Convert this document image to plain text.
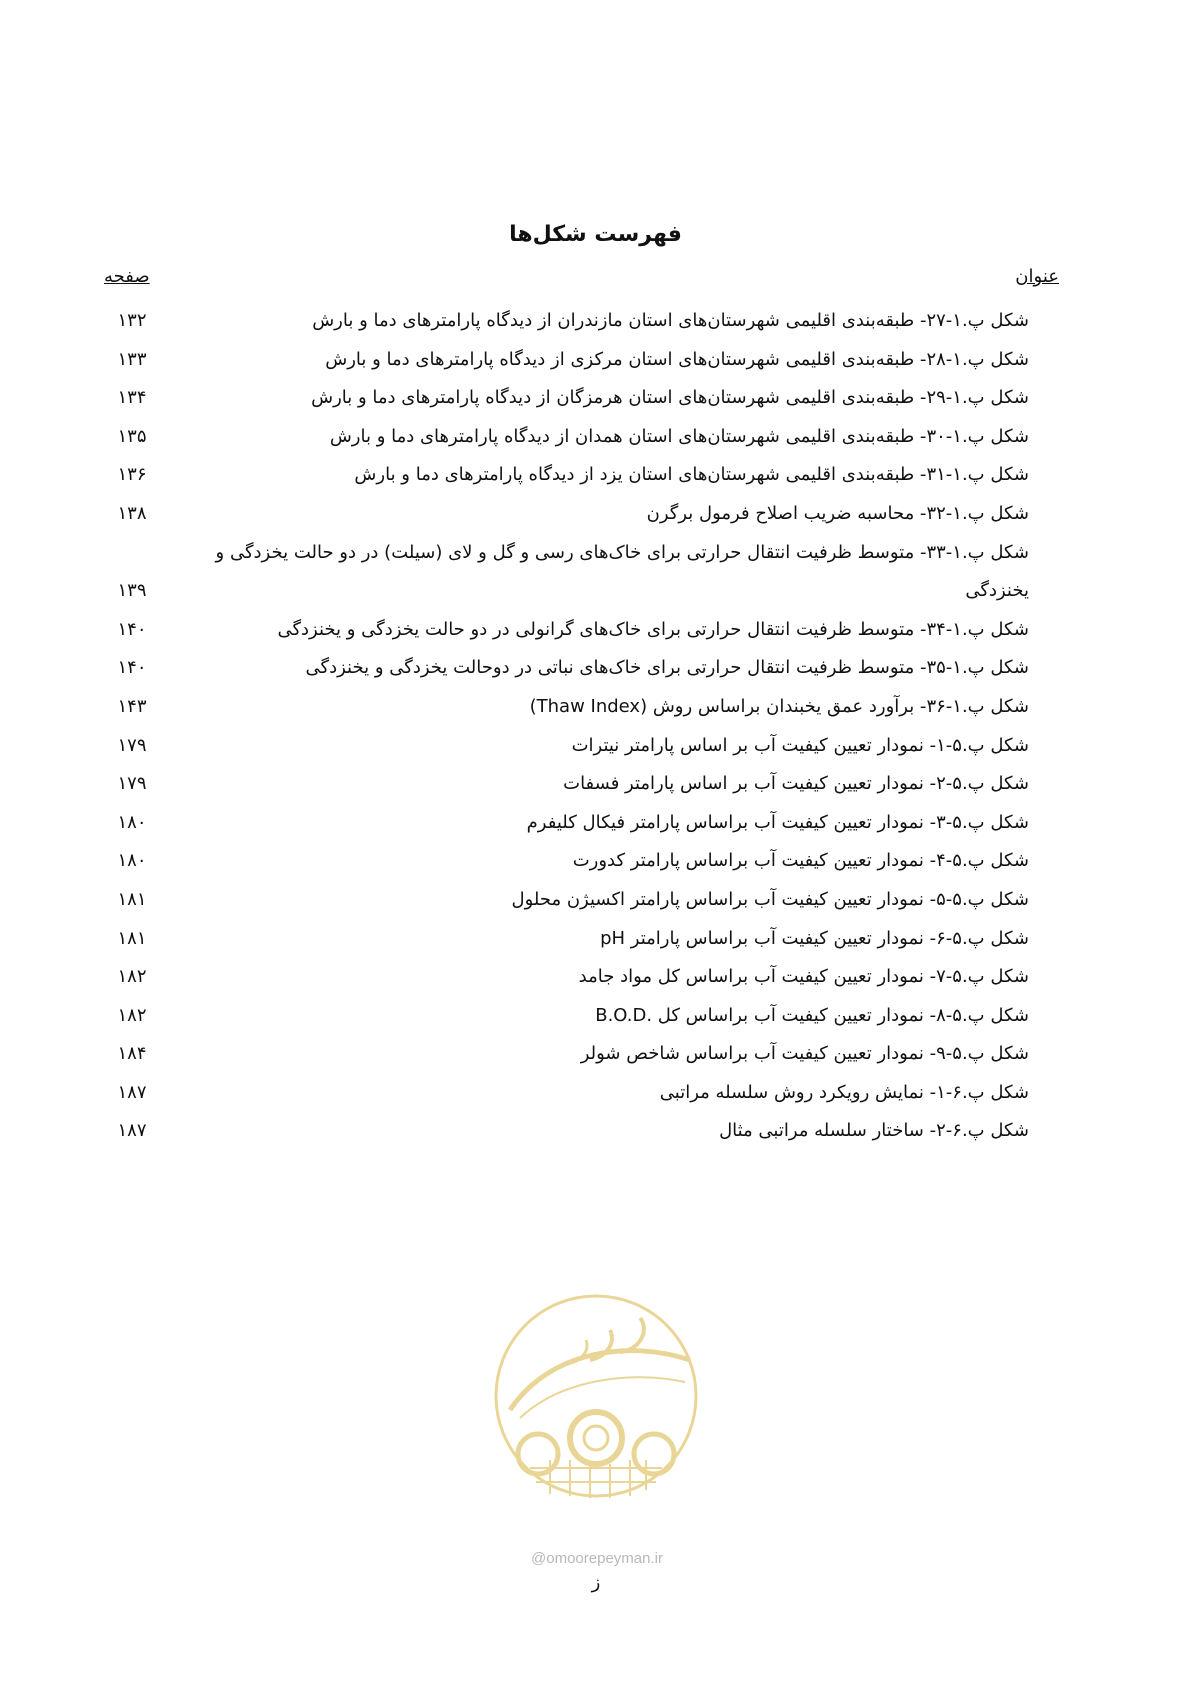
فهرست شکل‌ها
عنوان
صفحه
شکل پ.۱-۲۷- طبقه‌بندی اقلیمی شهرستان‌های استان مازندران از دیدگاه پارامترهای دما و بارش
۱۳۲
شکل پ.۱-۲۸- طبقه‌بندی اقلیمی شهرستان‌های استان مرکزی از دیدگاه پارامترهای دما و بارش
۱۳۳
شکل پ.۱-۲۹- طبقه‌بندی اقلیمی شهرستان‌های استان هرمزگان از دیدگاه پارامترهای دما و بارش
۱۳۴
شکل پ.۱-۳۰- طبقه‌بندی اقلیمی شهرستان‌های استان همدان از دیدگاه پارامترهای دما و بارش
۱۳۵
شکل پ.۱-۳۱- طبقه‌بندی اقلیمی شهرستان‌های استان یزد از دیدگاه پارامترهای دما و بارش
۱۳۶
شکل پ.۱-۳۲- محاسبه ضریب اصلاح فرمول برگرن
۱۳۸
شکل پ.۱-۳۳- متوسط ظرفیت انتقال حرارتی برای خاک‌های رسی و گل و لای (سیلت) در دو حالت یخزدگی و یخنزدگی
۱۳۹
شکل پ.۱-۳۴- متوسط ظرفیت انتقال حرارتی برای خاک‌های گرانولی در دو حالت یخزدگی و یخنزدگی
۱۴۰
شکل پ.۱-۳۵- متوسط ظرفیت انتقال حرارتی برای خاک‌های نباتی در دوحالت یخزدگی و یخنزدگی
۱۴۰
شکل پ.۱-۳۶- برآورد عمق یخبندان براساس روش (Thaw Index)
۱۴۳
شکل پ.۵-۱- نمودار تعیین کیفیت آب بر اساس پارامتر نیترات
۱۷۹
شکل پ.۵-۲- نمودار تعیین کیفیت آب بر اساس پارامتر فسفات
۱۷۹
شکل پ.۵-۳- نمودار تعیین کیفیت آب براساس پارامتر فیکال کلیفرم
۱۸۰
شکل پ.۵-۴- نمودار تعیین کیفیت آب براساس پارامتر کدورت
۱۸۰
شکل پ.۵-۵- نمودار تعیین کیفیت آب براساس پارامتر اکسیژن محلول
۱۸۱
شکل پ.۵-۶- نمودار تعیین کیفیت آب براساس پارامتر pH
۱۸۱
شکل پ.۵-۷- نمودار تعیین کیفیت آب براساس کل مواد جامد
۱۸۲
شکل پ.۵-۸- نمودار تعیین کیفیت آب براساس کل .B.O.D
۱۸۲
شکل پ.۵-۹- نمودار تعیین کیفیت آب براساس شاخص شولر
۱۸۴
شکل پ.۶-۱- نمایش رویکرد روش سلسله مراتبی
۱۸۷
شکل پ.۶-۲- ساختار سلسله مراتبی مثال
۱۸۷
@omoorepeyman.ir
ز
